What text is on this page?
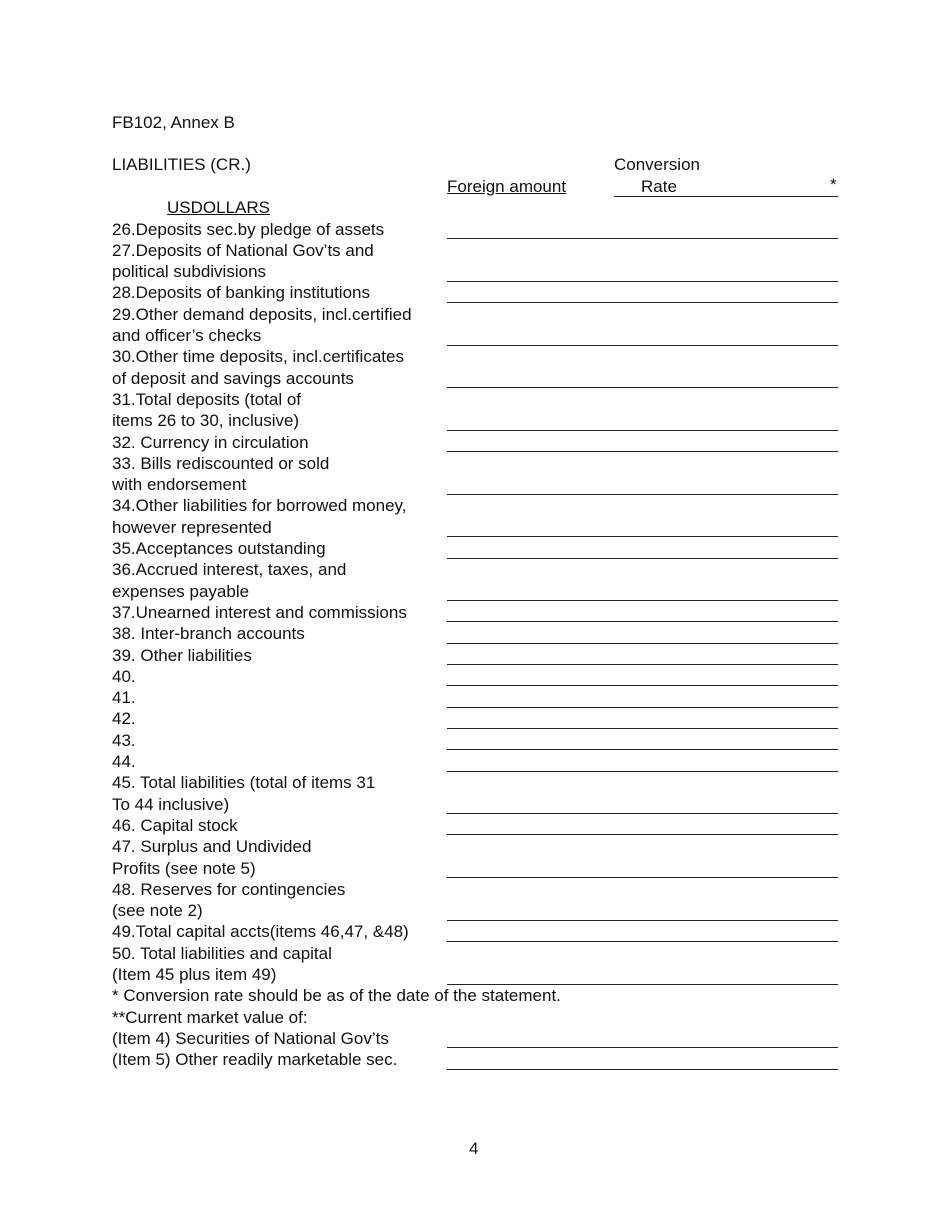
FB102, Annex B
LIABILITIES (CR.)	Conversion
Foreign amount	Rate	*
USDOLLARS
26.Deposits sec.by pledge of assets
27.Deposits of National Gov’ts and
political subdivisions
28.Deposits of banking institutions
29.Other demand deposits, incl.certified
and officer’s checks
30.Other time deposits, incl.certificates
of deposit and savings accounts
31.Total deposits (total of
items 26 to 30, inclusive)
32. Currency in circulation
33. Bills rediscounted or sold
with endorsement
34.Other liabilities for borrowed money,
however represented
35.Acceptances outstanding
36.Accrued interest, taxes, and
expenses payable
37.Unearned interest and commissions
38. Inter-branch accounts
39. Other liabilities
40.
41.
42.
43.
44.
45. Total liabilities (total of items 31
To 44 inclusive)
46. Capital stock
47. Surplus and Undivided
Profits (see note 5)
48. Reserves for contingencies
(see note 2)
49.Total capital accts(items 46,47, &48)
50. Total liabilities and capital
(Item 45 plus item 49)
* Conversion rate should be as of the date of the statement.
**Current market value of:
(Item 4) Securities of National Gov’ts
(Item 5) Other readily marketable sec.
4
